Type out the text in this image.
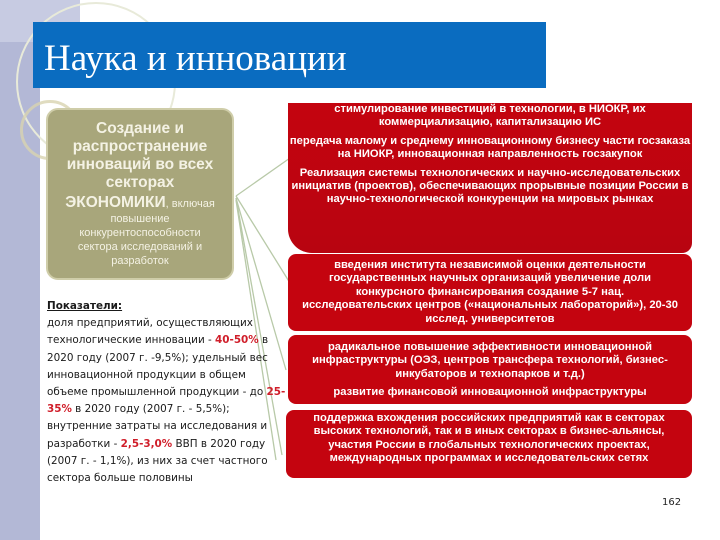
Наука и инновации
Создание и
распространение
инноваций во всех
секторах
ЭКОНОМИКИ, включая
повышение
конкурентоспособности
сектора исследований и
разработок
Показатели:
доля предприятий, осуществляющих технологические инновации - 40-50% в 2020 году (2007 г. -9,5%); удельный вес инновационной продукции в общем объеме промышленной продукции - до 25-35% в 2020 году (2007 г. - 5,5%); внутренние затраты на исследования и разработки - 2,5-3,0% ВВП в 2020 году (2007 г. - 1,1%), из них за счет частного сектора больше половины

стимулирование инвестиций в технологии, в НИОКР, их коммерциализацию, капитализацию ИС

передача малому и среднему инновационному бизнесу части госзаказа на НИОКР, инновационная направленность госзакупок

Реализация системы технологических и научно-исследовательских инициатив (проектов), обеспечивающих прорывные позиции России в научно-технологической конкуренции на мировых рынках

введения института независимой оценки деятельности государственных научных организаций увеличение доли конкурсного финансирования создание 5-7 нац. исследовательских центров («национальных лабораторий»), 20-30 исслед. университетов

радикальное повышение эффективности инновационной инфраструктуры (ОЭЗ, центров трансфера технологий, бизнес-инкубаторов и технопарков и т.д.)

развитие финансовой инновационной инфраструктуры

поддержка вхождения российских предприятий как в секторах высоких технологий, так и в иных секторах в бизнес-альянсы, участия России в глобальных технологических проектах, международных программах и исследовательских сетях

162
